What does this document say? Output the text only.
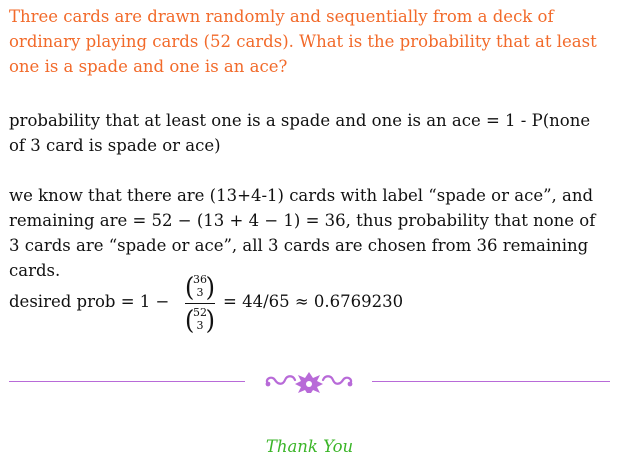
Three cards are drawn randomly and sequentially from a deck of ordinary playing cards (52 cards). What is the probability that at least one is a spade and one is an ace?

probability that at least one is a spade and one is an ace = 1 - P(none of 3 card is spade or ace)

we know that there are (13+4-1) cards with label “spade or ace”, and remaining are = 52 − (13 + 4 − 1) = 36, thus probability that none of 3 cards are “spade or ace”, all 3 cards are chosen from 36 remaining cards.

desired prob = 1 − (
36
3 )
(
52
3 )
= 44/65 ≈ 0.6769230
Thank You
